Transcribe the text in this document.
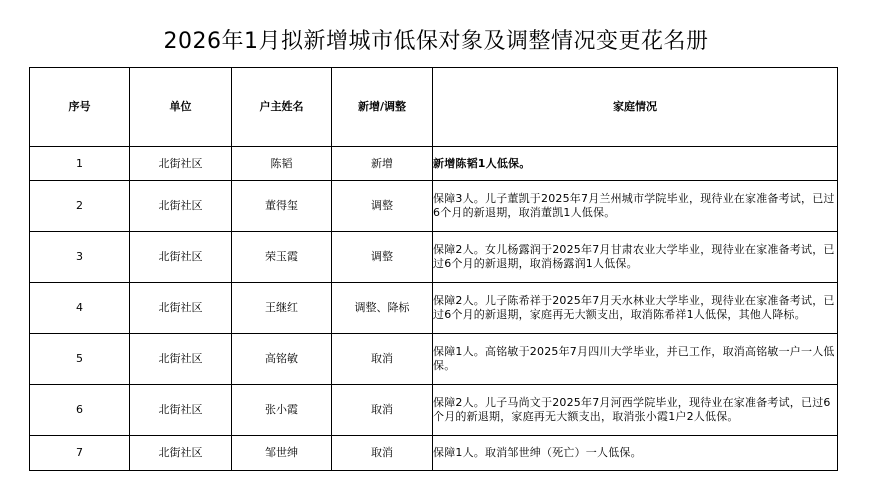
2026年1月拟新增城市低保对象及调整情况变更花名册
序号	单位	户主姓名	新增/调整	家庭情况
1	北街社区	陈韬	新增	新增陈韬1人低保。
2	北街社区	董得玺	调整	保障3人。儿子董凯于2025年7月兰州城市学院毕业，现待业在家准备考试，已过6个月的新退期，取消董凯1人低保。
3	北街社区	荣玉霞	调整	保障2人。女儿杨露润于2025年7月甘肃农业大学毕业，现待业在家准备考试，已过6个月的新退期，取消杨露润1人低保。
4	北街社区	王继红	调整、降标	保障2人。儿子陈希祥于2025年7月天水林业大学毕业，现待业在家准备考试，已过6个月的新退期，家庭再无大额支出，取消陈希祥1人低保，其他人降标。
5	北街社区	高铭敏	取消	保障1人。高铭敏于2025年7月四川大学毕业，并已工作，取消高铭敏一户一人低保。
6	北街社区	张小霞	取消	保障2人。儿子马尚文于2025年7月河西学院毕业，现待业在家准备考试，已过6个月的新退期，家庭再无大额支出，取消张小霞1户2人低保。
7	北街社区	邹世绅	取消	保障1人。取消邹世绅（死亡）一人低保。
